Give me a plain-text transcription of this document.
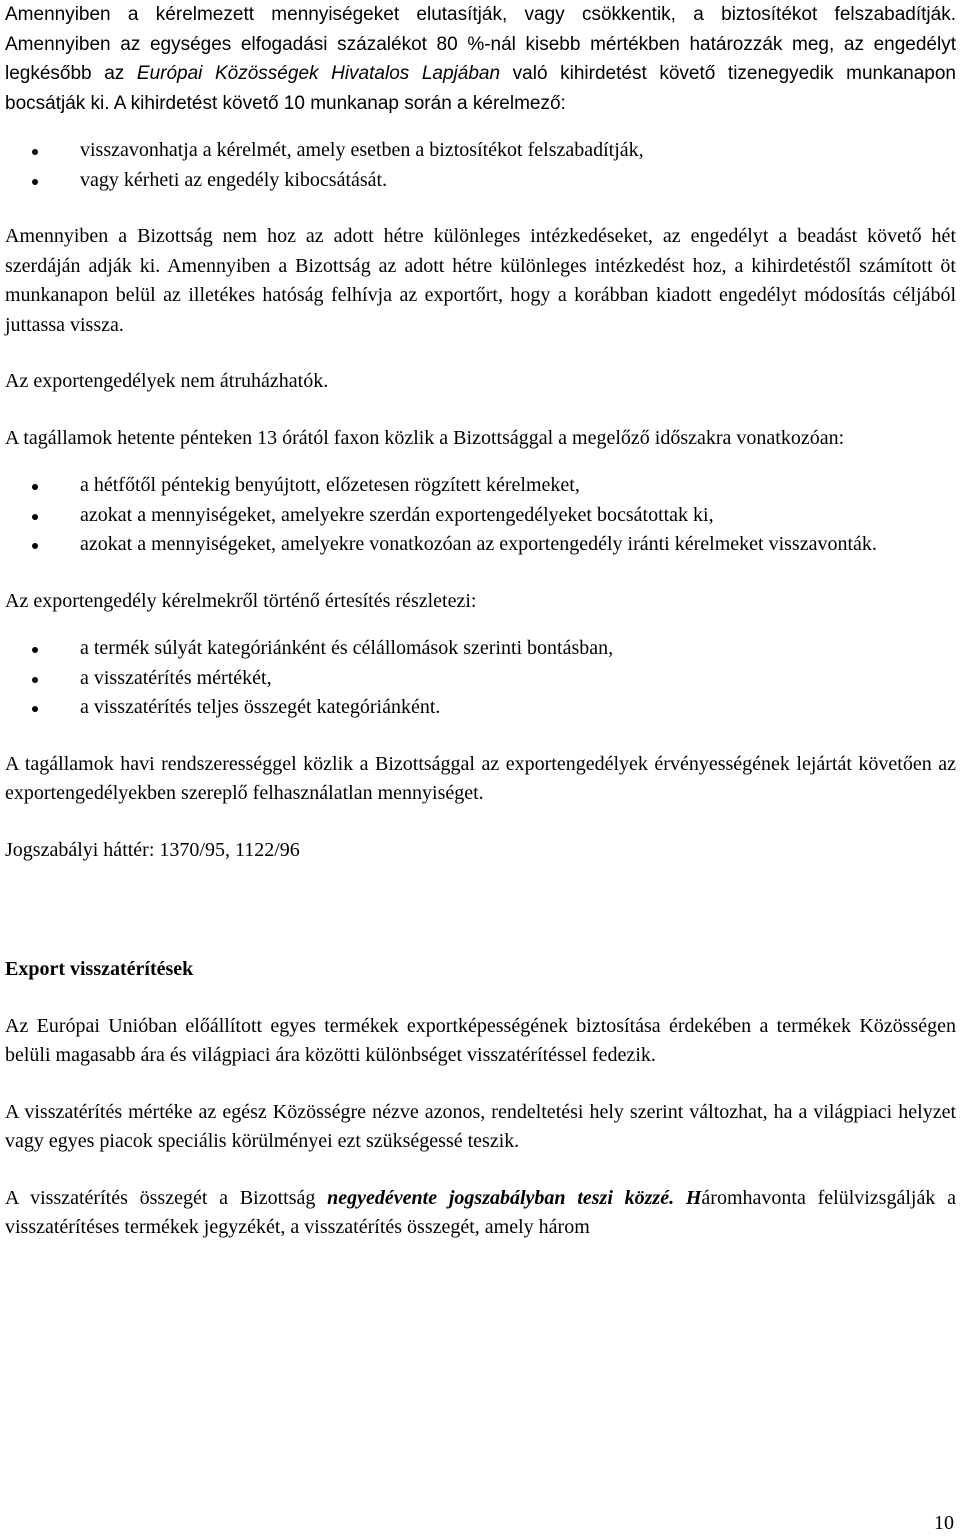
Amennyiben a kérelmezett mennyiségeket elutasítják, vagy csökkentik, a biztosítékot felszabadítják. Amennyiben az egységes elfogadási százalékot 80 %-nál kisebb mértékben határozzák meg, az engedélyt legkésőbb az Európai Közösségek Hivatalos Lapjában való kihirdetést követő tizenegyedik munkanapon bocsátják ki. A kihirdetést követő 10 munkanap során a kérelmező:

visszavonhatja a kérelmét, amely esetben a biztosítékot felszabadítják,
vagy kérheti az engedély kibocsátását.

Amennyiben a Bizottság nem hoz az adott hétre különleges intézkedéseket, az engedélyt a beadást követő hét szerdáján adják ki. Amennyiben a Bizottság az adott hétre különleges intézkedést hoz, a kihirdetéstől számított öt munkanapon belül az illetékes hatóság felhívja az exportőrt, hogy a korábban kiadott engedélyt módosítás céljából juttassa vissza.

Az exportengedélyek nem átruházhatók.

A tagállamok hetente pénteken 13 órától faxon közlik a Bizottsággal a megelőző időszakra vonatkozóan:

a hétfőtől péntekig benyújtott, előzetesen rögzített kérelmeket,
azokat a mennyiségeket, amelyekre szerdán exportengedélyeket bocsátottak ki,
azokat a mennyiségeket, amelyekre vonatkozóan az exportengedély iránti kérelmeket visszavonták.

Az exportengedély kérelmekről történő értesítés részletezi:

a termék súlyát kategóriánként és célállomások szerinti bontásban,
a visszatérítés mértékét,
a visszatérítés teljes összegét kategóriánként.

A tagállamok havi rendszerességgel közlik a Bizottsággal az exportengedélyek érvényességének lejártát követően az exportengedélyekben szereplő felhasználatlan mennyiséget.

Jogszabályi háttér: 1370/95, 1122/96

Export visszatérítések

Az Európai Unióban előállított egyes termékek exportképességének biztosítása érdekében a termékek Közösségen belüli magasabb ára és világpiaci ára közötti különbséget visszatérítéssel fedezik.

A visszatérítés mértéke az egész Közösségre nézve azonos, rendeltetési hely szerint változhat, ha a világpiaci helyzet vagy egyes piacok speciális körülményei ezt szükségessé teszik.

A visszatérítés összegét a Bizottság negyedévente jogszabályban teszi közzé. Háromhavonta felülvizsgálják a visszatérítéses termékek jegyzékét, a visszatérítés összegét, amely három

10
